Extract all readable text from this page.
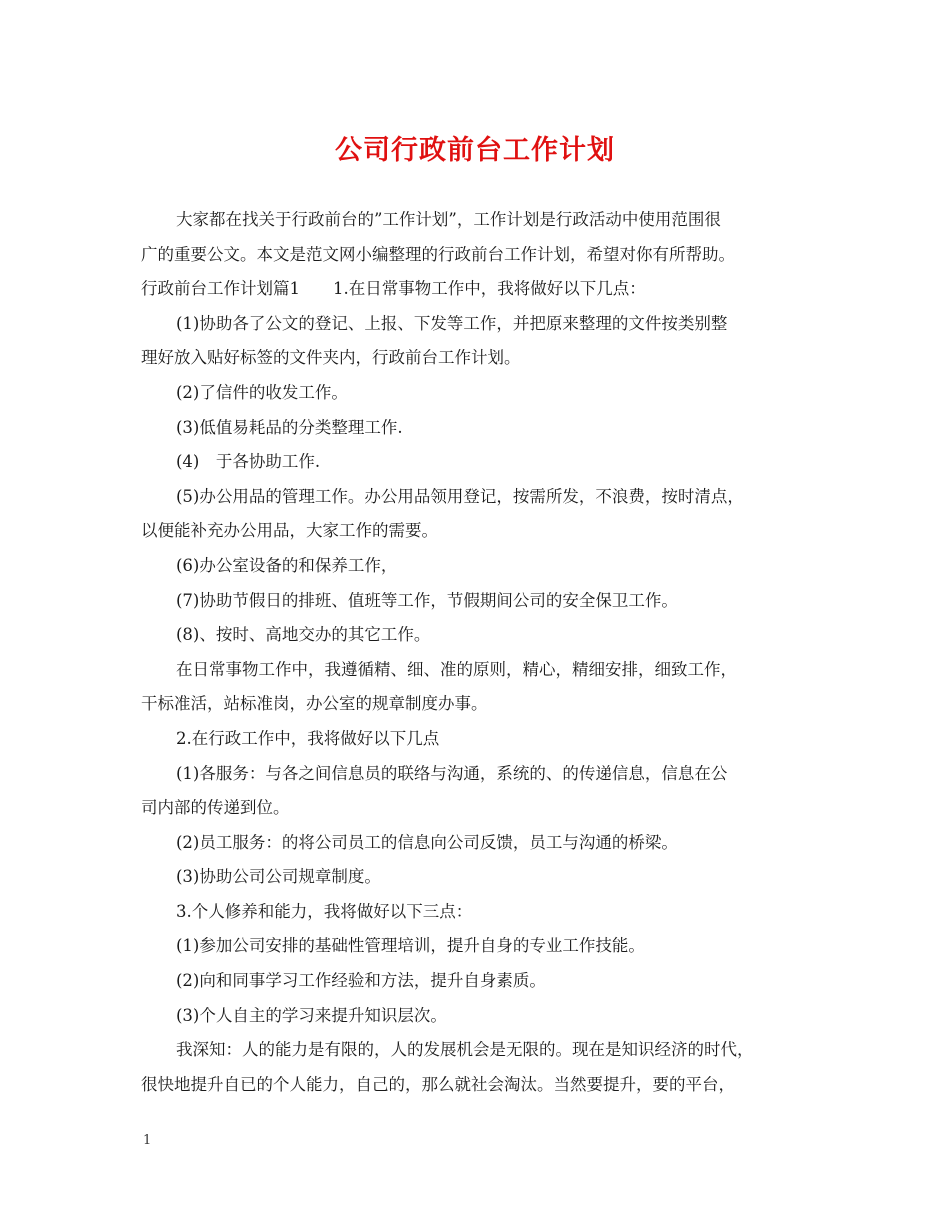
公司行政前台工作计划
大家都在找关于行政前台的”工作计划”，工作计划是行政活动中使用范围很
广的重要公文。本文是范文网小编整理的行政前台工作计划，希望对你有所帮助。
行政前台工作计划篇1　　1.在日常事物工作中，我将做好以下几点：
(1)协助各了公文的登记、上报、下发等工作，并把原来整理的文件按类别整
理好放入贴好标签的文件夹内，行政前台工作计划。
(2)了信件的收发工作。
(3)低值易耗品的分类整理工作.
(4)　于各协助工作.
(5)办公用品的管理工作。办公用品领用登记，按需所发，不浪费，按时清点，
以便能补充办公用品，大家工作的需要。
(6)办公室设备的和保养工作，
(7)协助节假日的排班、值班等工作，节假期间公司的安全保卫工作。
(8)、按时、高地交办的其它工作。
在日常事物工作中，我遵循精、细、准的原则，精心，精细安排，细致工作，
干标准活，站标准岗，办公室的规章制度办事。
2.在行政工作中，我将做好以下几点
(1)各服务：与各之间信息员的联络与沟通，系统的、的传递信息，信息在公
司内部的传递到位。
(2)员工服务：的将公司员工的信息向公司反馈，员工与沟通的桥梁。
(3)协助公司公司规章制度。
3.个人修养和能力，我将做好以下三点：
(1)参加公司安排的基础性管理培训，提升自身的专业工作技能。
(2)向和同事学习工作经验和方法，提升自身素质。
(3)个人自主的学习来提升知识层次。
我深知：人的能力是有限的，人的发展机会是无限的。现在是知识经济的时代，
很快地提升自已的个人能力，自己的，那么就社会淘汰。当然要提升，要的平台，
1
